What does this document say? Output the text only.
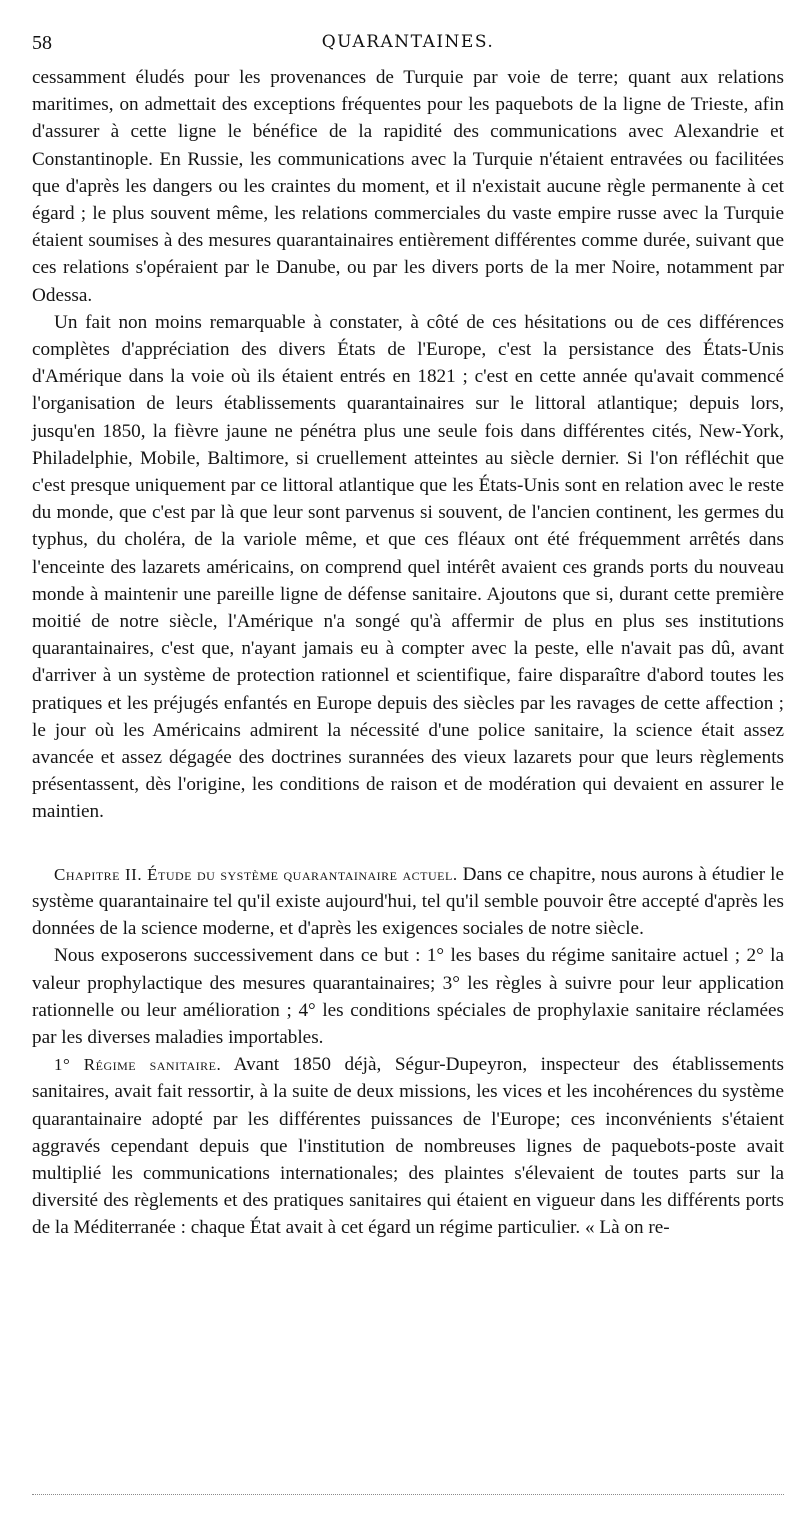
58	QUARANTAINES.

cessamment éludés pour les provenances de Turquie par voie de terre; quant aux relations maritimes, on admettait des exceptions fréquentes pour les paquebots de la ligne de Trieste, afin d'assurer à cette ligne le bénéfice de la rapidité des communications avec Alexandrie et Constantinople. En Russie, les communications avec la Turquie n'étaient entravées ou facilitées que d'après les dangers ou les craintes du moment, et il n'existait aucune règle permanente à cet égard ; le plus souvent même, les relations commerciales du vaste empire russe avec la Turquie étaient soumises à des mesures quarantainaires entièrement différentes comme durée, suivant que ces relations s'opéraient par le Danube, ou par les divers ports de la mer Noire, notamment par Odessa.

Un fait non moins remarquable à constater, à côté de ces hésitations ou de ces différences complètes d'appréciation des divers États de l'Europe, c'est la persistance des États-Unis d'Amérique dans la voie où ils étaient entrés en 1821 ; c'est en cette année qu'avait commencé l'organisation de leurs établissements quarantainaires sur le littoral atlantique; depuis lors, jusqu'en 1850, la fièvre jaune ne pénétra plus une seule fois dans différentes cités, New-York, Philadelphie, Mobile, Baltimore, si cruellement atteintes au siècle dernier. Si l'on réfléchit que c'est presque uniquement par ce littoral atlantique que les États-Unis sont en relation avec le reste du monde, que c'est par là que leur sont parvenus si souvent, de l'ancien continent, les germes du typhus, du choléra, de la variole même, et que ces fléaux ont été fréquemment arrêtés dans l'enceinte des lazarets américains, on comprend quel intérêt avaient ces grands ports du nouveau monde à maintenir une pareille ligne de défense sanitaire. Ajoutons que si, durant cette première moitié de notre siècle, l'Amérique n'a songé qu'à affermir de plus en plus ses institutions quarantainaires, c'est que, n'ayant jamais eu à compter avec la peste, elle n'avait pas dû, avant d'arriver à un système de protection rationnel et scientifique, faire disparaître d'abord toutes les pratiques et les préjugés enfantés en Europe depuis des siècles par les ravages de cette affection ; le jour où les Américains admirent la nécessité d'une police sanitaire, la science était assez avancée et assez dégagée des doctrines surannées des vieux lazarets pour que leurs règlements présentassent, dès l'origine, les conditions de raison et de modération qui devaient en assurer le maintien.

Chapitre II. Étude du système quarantainaire actuel. Dans ce chapitre, nous aurons à étudier le système quarantainaire tel qu'il existe aujourd'hui, tel qu'il semble pouvoir être accepté d'après les données de la science moderne, et d'après les exigences sociales de notre siècle.

Nous exposerons successivement dans ce but : 1° les bases du régime sanitaire actuel ; 2° la valeur prophylactique des mesures quarantainaires; 3° les règles à suivre pour leur application rationnelle ou leur amélioration ; 4° les conditions spéciales de prophylaxie sanitaire réclamées par les diverses maladies importables.

1° Régime sanitaire. Avant 1850 déjà, Ségur-Dupeyron, inspecteur des établissements sanitaires, avait fait ressortir, à la suite de deux missions, les vices et les incohérences du système quarantainaire adopté par les différentes puissances de l'Europe; ces inconvénients s'étaient aggravés cependant depuis que l'institution de nombreuses lignes de paquebots-poste avait multiplié les communications internationales; des plaintes s'élevaient de toutes parts sur la diversité des règlements et des pratiques sanitaires qui étaient en vigueur dans les différents ports de la Méditerranée : chaque État avait à cet égard un régime particulier. « Là on re-
